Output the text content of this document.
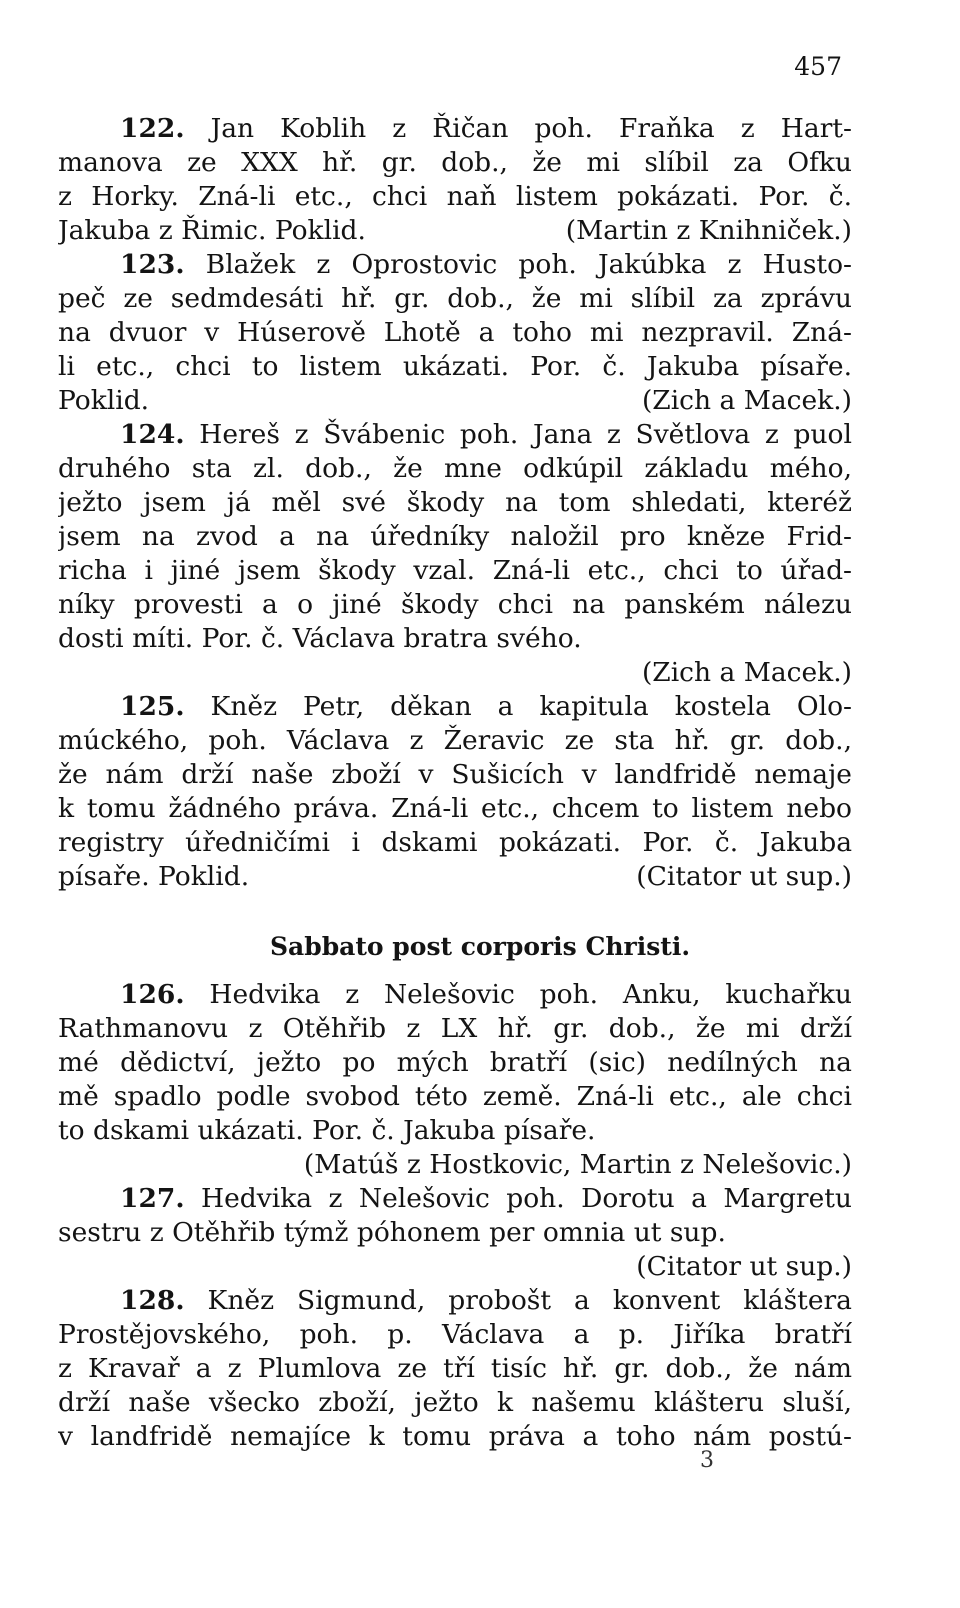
457
122. Jan Koblih z Řičan poh. Fraňka z Hart-
manova ze XXX hř. gr. dob., že mi slíbil za Ofku
z Horky. Zná-li etc., chci naň listem pokázati. Por. č.
Jakuba z Řimic. Poklid.	(Martin z Knihniček.)
123. Blažek z Oprostovic poh. Jakúbka z Husto-
peč ze sedmdesáti hř. gr. dob., že mi slíbil za zprávu
na dvuor v Húserově Lhotě a toho mi nezpravil. Zná-
li etc., chci to listem ukázati. Por. č. Jakuba písaře.
Poklid.	(Zich a Macek.)
124. Hereš z Švábenic poh. Jana z Světlova z puol
druhého sta zl. dob., že mne odkúpil základu mého,
ježto jsem já měl své škody na tom shledati, kteréž
jsem na zvod a na úředníky naložil pro kněze Frid-
richa i jiné jsem škody vzal. Zná-li etc., chci to úřad-
níky provesti a o jiné škody chci na panském nálezu
dosti míti. Por. č. Václava bratra svého.
(Zich a Macek.)
125. Kněz Petr, děkan a kapitula kostela Olo-
múckého, poh. Václava z Žeravic ze sta hř. gr. dob.,
že nám drží naše zboží v Sušicích v landfridě nemaje
k tomu žádného práva. Zná-li etc., chcem to listem nebo
registry úředničími i dskami pokázati. Por. č. Jakuba
písaře. Poklid.	(Citator ut sup.)
126. Hedvika z Nelešovic poh. Anku, kuchařku
Rathmanovu z Otěhřib z LX hř. gr. dob., že mi drží
mé dědictví, ježto po mých bratří (sic) nedílných na
mě spadlo podle svobod této země. Zná-li etc., ale chci
to dskami ukázati. Por. č. Jakuba písaře.
(Matúš z Hostkovic, Martin z Nelešovic.)
127. Hedvika z Nelešovic poh. Dorotu a Margretu
sestru z Otěhřib týmž póhonem per omnia ut sup.
(Citator ut sup.)
128. Kněz Sigmund, probošt a konvent kláštera
Prostějovského, poh. p. Václava a p. Jiříka bratří
z Kravař a z Plumlova ze tří tisíc hř. gr. dob., že nám
drží naše všecko zboží, ježto k našemu klášteru sluší,
v landfridě nemajíce k tomu práva a toho nám postú-
Sabbato post corporis Christi.
3
